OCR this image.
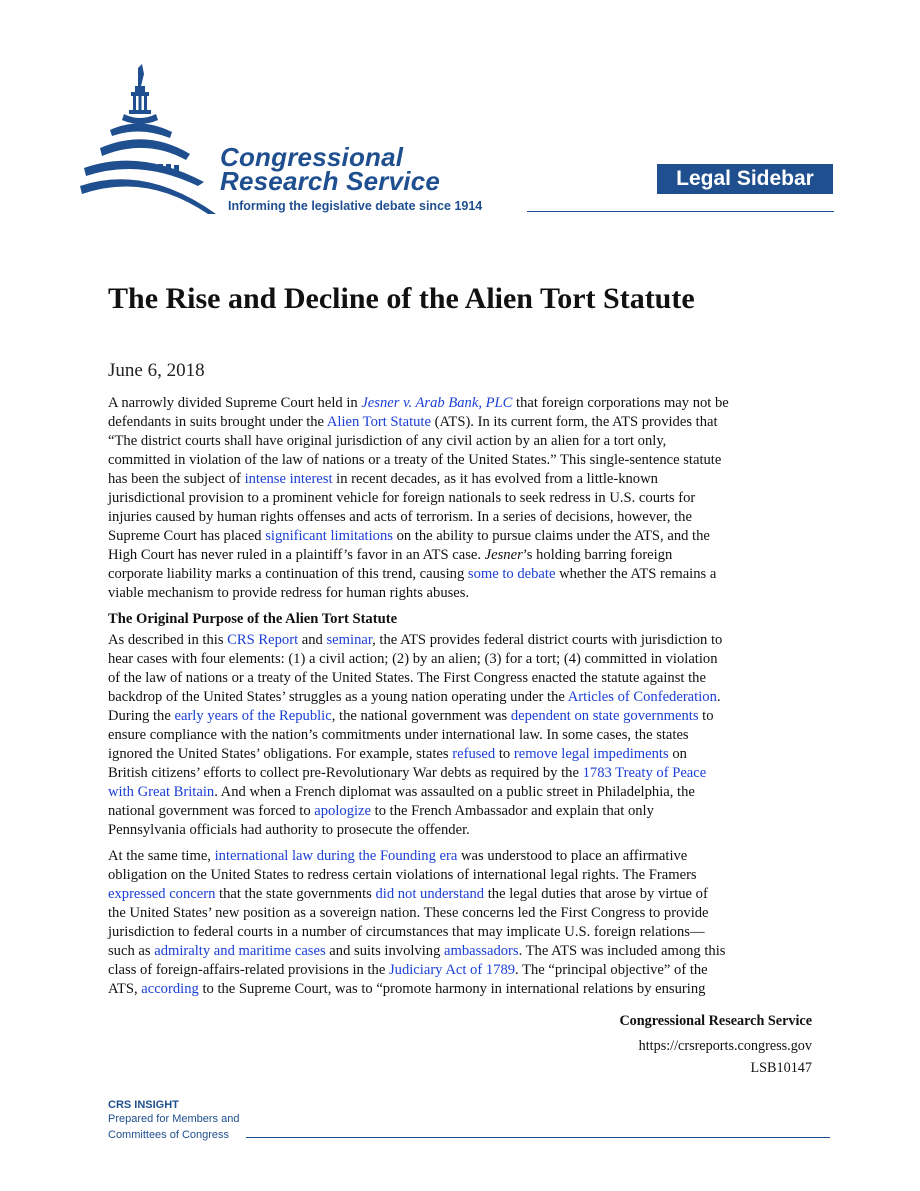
Congressional
Research Service
Informing the legislative debate since 1914
Legal Sidebar
The Rise and Decline of the Alien Tort Statute
June 6, 2018

A narrowly divided Supreme Court held in Jesner v. Arab Bank, PLC that foreign corporations may not be
defendants in suits brought under the Alien Tort Statute (ATS). In its current form, the ATS provides that
“The district courts shall have original jurisdiction of any civil action by an alien for a tort only,
committed in violation of the law of nations or a treaty of the United States.” This single-sentence statute
has been the subject of intense interest in recent decades, as it has evolved from a little-known
jurisdictional provision to a prominent vehicle for foreign nationals to seek redress in U.S. courts for
injuries caused by human rights offenses and acts of terrorism. In a series of decisions, however, the
Supreme Court has placed significant limitations on the ability to pursue claims under the ATS, and the
High Court has never ruled in a plaintiff’s favor in an ATS case. Jesner’s holding barring foreign
corporate liability marks a continuation of this trend, causing some to debate whether the ATS remains a
viable mechanism to provide redress for human rights abuses.

The Original Purpose of the Alien Tort Statute

As described in this CRS Report and seminar, the ATS provides federal district courts with jurisdiction to
hear cases with four elements: (1) a civil action; (2) by an alien; (3) for a tort; (4) committed in violation
of the law of nations or a treaty of the United States. The First Congress enacted the statute against the
backdrop of the United States’ struggles as a young nation operating under the Articles of Confederation.
During the early years of the Republic, the national government was dependent on state governments to
ensure compliance with the nation’s commitments under international law. In some cases, the states
ignored the United States’ obligations. For example, states refused to remove legal impediments on
British citizens’ efforts to collect pre-Revolutionary War debts as required by the 1783 Treaty of Peace
with Great Britain. And when a French diplomat was assaulted on a public street in Philadelphia, the
national government was forced to apologize to the French Ambassador and explain that only
Pennsylvania officials had authority to prosecute the offender.

At the same time, international law during the Founding era was understood to place an affirmative
obligation on the United States to redress certain violations of international legal rights. The Framers
expressed concern that the state governments did not understand the legal duties that arose by virtue of
the United States’ new position as a sovereign nation. These concerns led the First Congress to provide
jurisdiction to federal courts in a number of circumstances that may implicate U.S. foreign relations—
such as admiralty and maritime cases and suits involving ambassadors. The ATS was included among this
class of foreign-affairs-related provisions in the Judiciary Act of 1789. The “principal objective” of the
ATS, according to the Supreme Court, was to “promote harmony in international relations by ensuring

Congressional Research Service
https://crsreports.congress.gov
LSB10147
CRS INSIGHT
Prepared for Members and
Committees of Congress
